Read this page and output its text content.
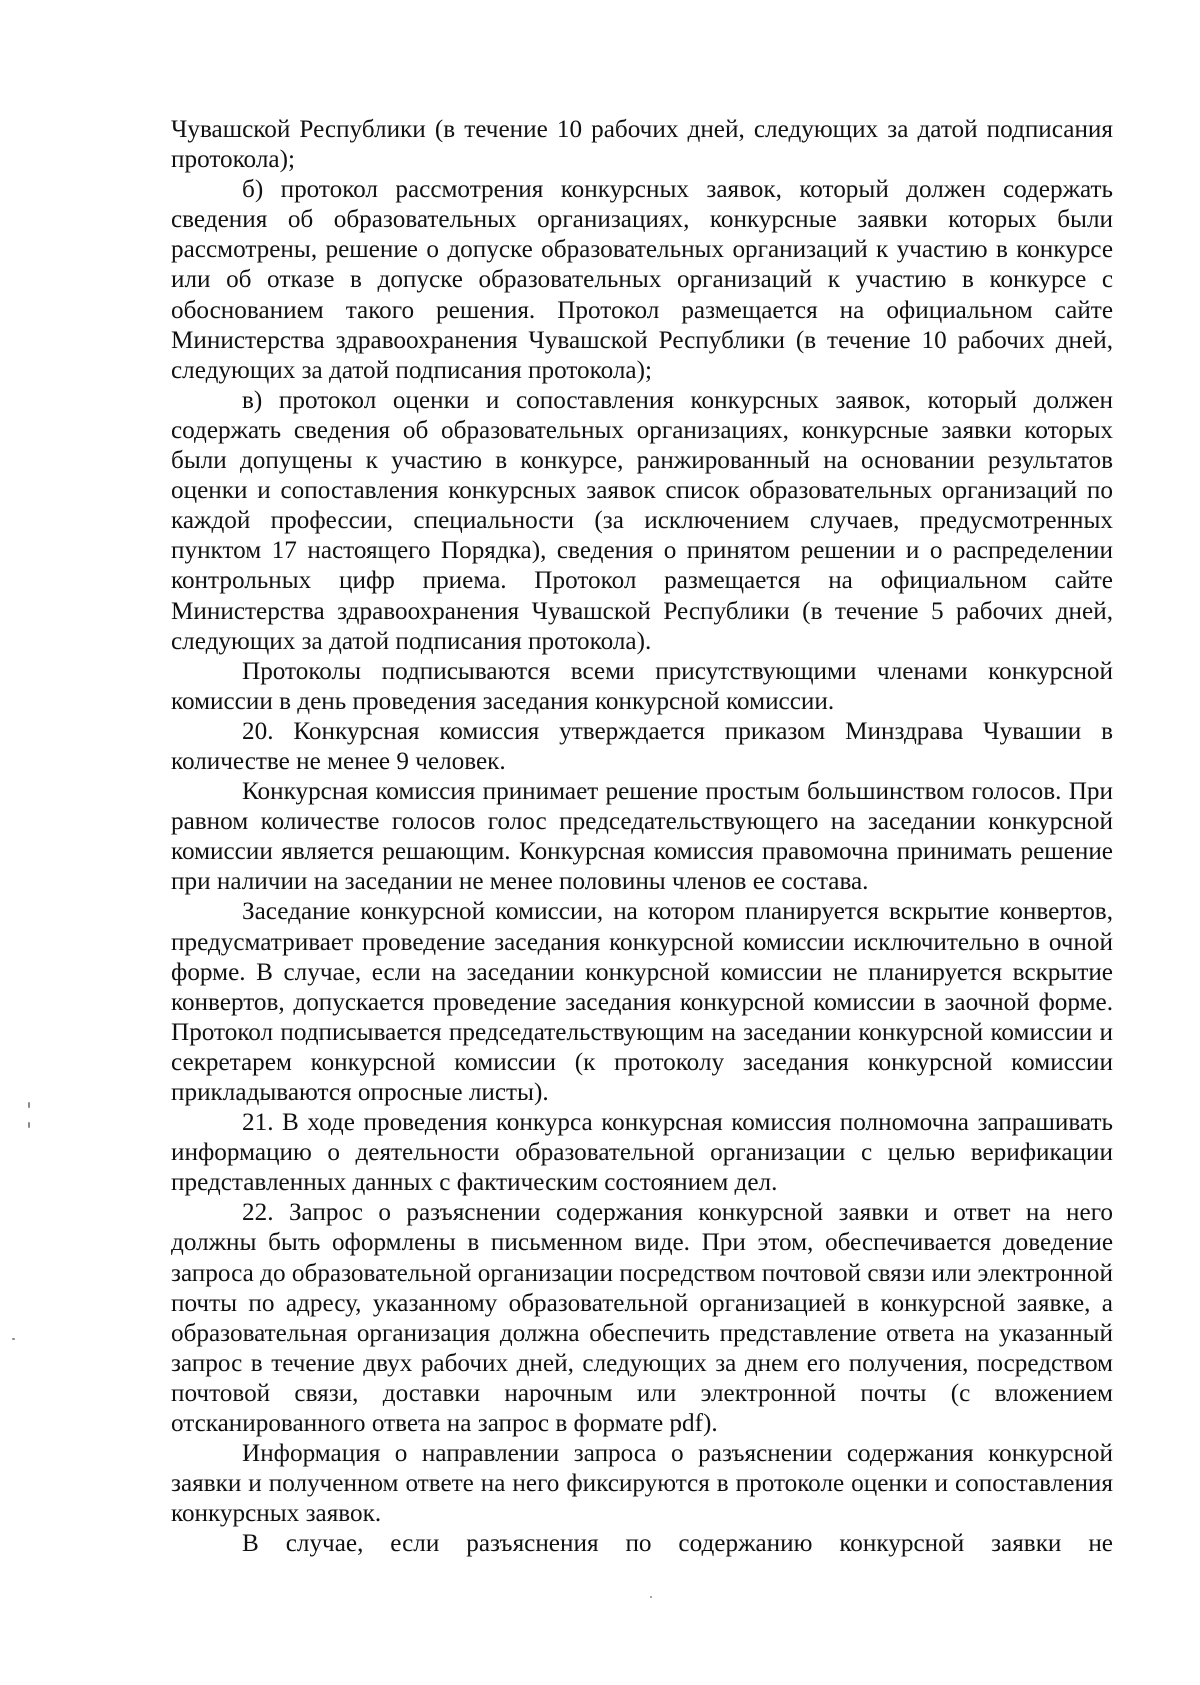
Чувашской Республики (в течение 10 рабочих дней, следующих за датой подписания протокола);

б) протокол рассмотрения конкурсных заявок, который должен содержать сведения об образовательных организациях, конкурсные заявки которых были рассмотрены, решение о допуске образовательных организаций к участию в конкурсе или об отказе в допуске образовательных организаций к участию в конкурсе с обоснованием такого решения. Протокол размещается на официальном сайте Министерства здравоохранения Чувашской Республики (в течение 10 рабочих дней, следующих за датой подписания протокола);

в) протокол оценки и сопоставления конкурсных заявок, который должен содержать сведения об образовательных организациях, конкурсные заявки которых были допущены к участию в конкурсе, ранжированный на основании результатов оценки и сопоставления конкурсных заявок список образовательных организаций по каждой профессии, специальности (за исключением случаев, предусмотренных пунктом 17 настоящего Порядка), сведения о принятом решении и о распределении контрольных цифр приема. Протокол размещается на официальном сайте Министерства здравоохранения Чувашской Республики (в течение 5 рабочих дней, следующих за датой подписания протокола).

Протоколы подписываются всеми присутствующими членами конкурсной комиссии в день проведения заседания конкурсной комиссии.

20. Конкурсная комиссия утверждается приказом Минздрава Чувашии в количестве не менее 9 человек.

Конкурсная комиссия принимает решение простым большинством голосов. При равном количестве голосов голос председательствующего на заседании конкурсной комиссии является решающим. Конкурсная комиссия правомочна принимать решение при наличии на заседании не менее половины членов ее состава.

Заседание конкурсной комиссии, на котором планируется вскрытие конвертов, предусматривает проведение заседания конкурсной комиссии исключительно в очной форме. В случае, если на заседании конкурсной комиссии не планируется вскрытие конвертов, допускается проведение заседания конкурсной комиссии в заочной форме. Протокол подписывается председательствующим на заседании конкурсной комиссии и секретарем конкурсной комиссии (к протоколу заседания конкурсной комиссии прикладываются опросные листы).

21. В ходе проведения конкурса конкурсная комиссия полномочна запрашивать информацию о деятельности образовательной организации с целью верификации представленных данных с фактическим состоянием дел.

22. Запрос о разъяснении содержания конкурсной заявки и ответ на него должны быть оформлены в письменном виде. При этом, обеспечивается доведение запроса до образовательной организации посредством почтовой связи или электронной почты по адресу, указанному образовательной организацией в конкурсной заявке, а образовательная организация должна обеспечить представление ответа на указанный запрос в течение двух рабочих дней, следующих за днем его получения, посредством почтовой связи, доставки нарочным или электронной почты (с вложением отсканированного ответа на запрос в формате pdf).

Информация о направлении запроса о разъяснении содержания конкурсной заявки и полученном ответе на него фиксируются в протоколе оценки и сопоставления конкурсных заявок.

В случае, если разъяснения по содержанию конкурсной заявки не
